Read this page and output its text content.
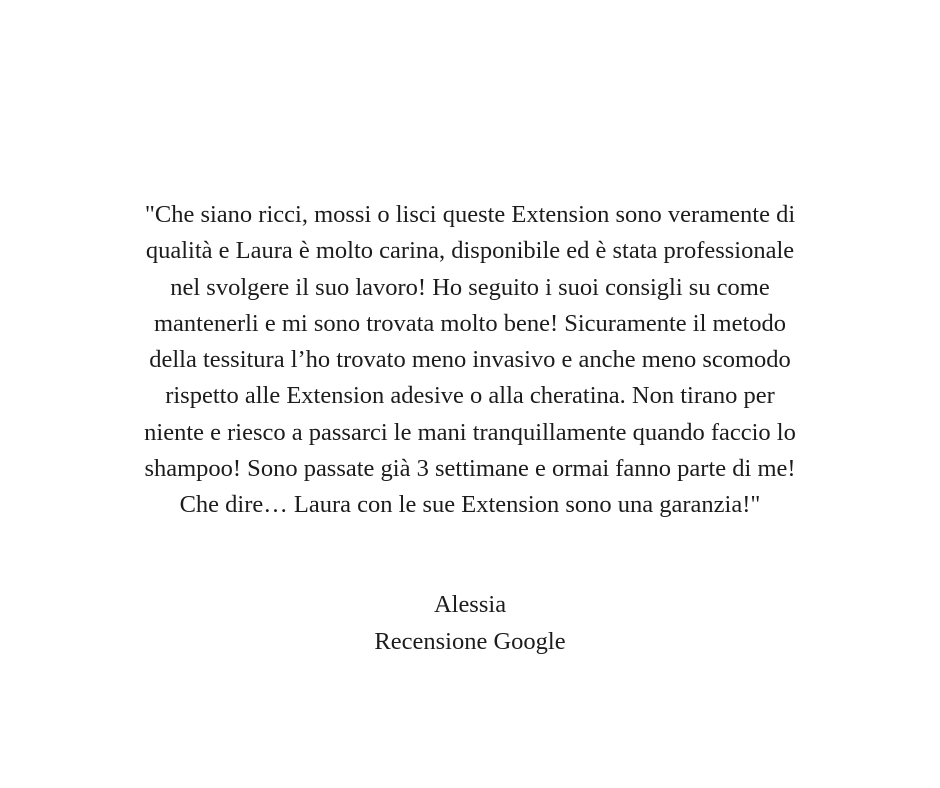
"Che siano ricci, mossi o lisci queste Extension sono veramente di
qualità e Laura è molto carina, disponibile ed è stata professionale
nel svolgere il suo lavoro! Ho seguito i suoi consigli su come
mantenerli e mi sono trovata molto bene! Sicuramente il metodo
della tessitura l’ho trovato meno invasivo e anche meno scomodo
rispetto alle Extension adesive o alla cheratina. Non tirano per
niente e riesco a passarci le mani tranquillamente quando faccio lo
shampoo! Sono passate già 3 settimane e ormai fanno parte di me!
Che dire… Laura con le sue Extension sono una garanzia!"
Alessia
Recensione Google
